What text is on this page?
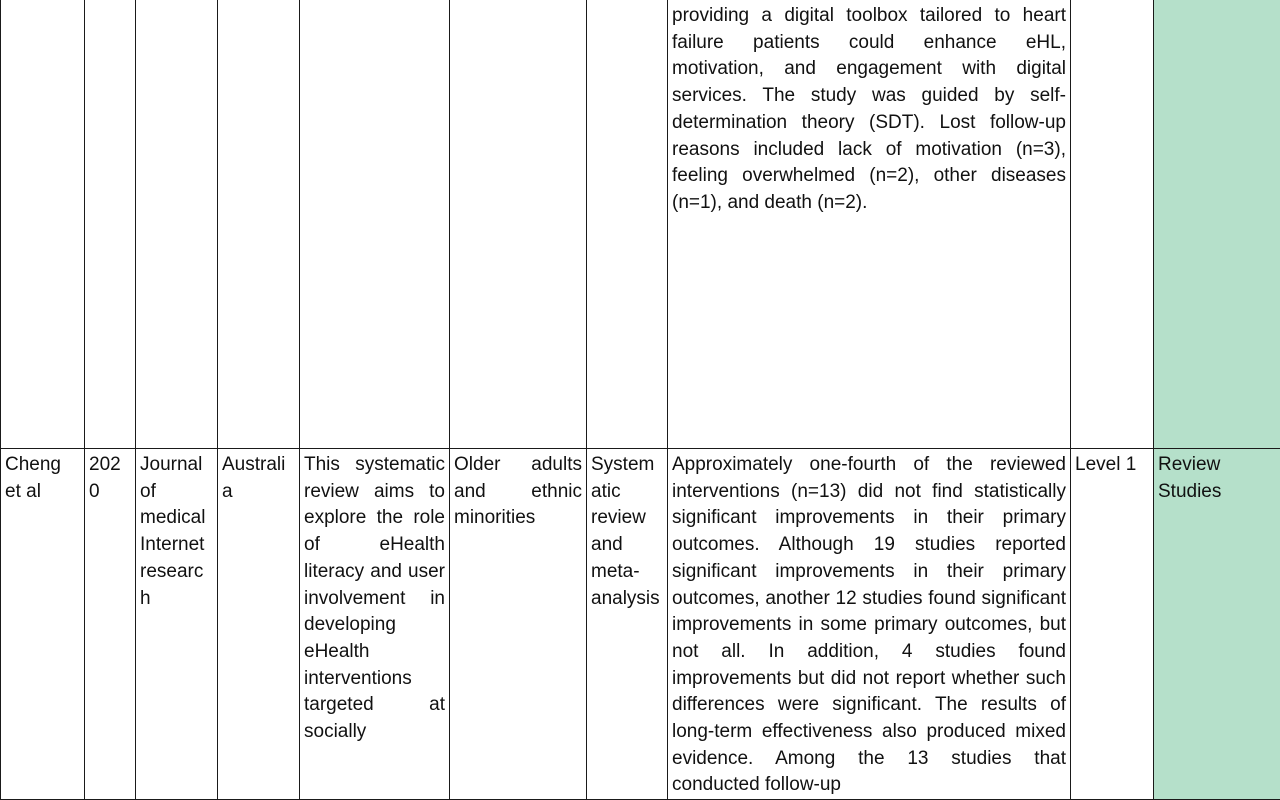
							providing a digital toolbox tailored to heart failure patients could enhance eHL, motivation, and engagement with digital services. The study was guided by self-determination theory (SDT). Lost follow-up reasons included lack of motivation (n=3), feeling overwhelmed (n=2), other diseases (n=1), and death (n=2).		
Cheng et al	2020	Journal of medical Internet research	Australia	This systematic review aims to explore the role of eHealth literacy and user involvement in developing eHealth interventions targeted at socially	Older adults and ethnic minorities	Systematic review and meta-analysis	Approximately one-fourth of the reviewed interventions (n=13) did not find statistically significant improvements in their primary outcomes. Although 19 studies reported significant improvements in their primary outcomes, another 12 studies found significant improvements in some primary outcomes, but not all. In addition, 4 studies found improvements but did not report whether such differences were significant. The results of long-term effectiveness also produced mixed evidence. Among the 13 studies that conducted follow-up	Level 1	Review Studies
